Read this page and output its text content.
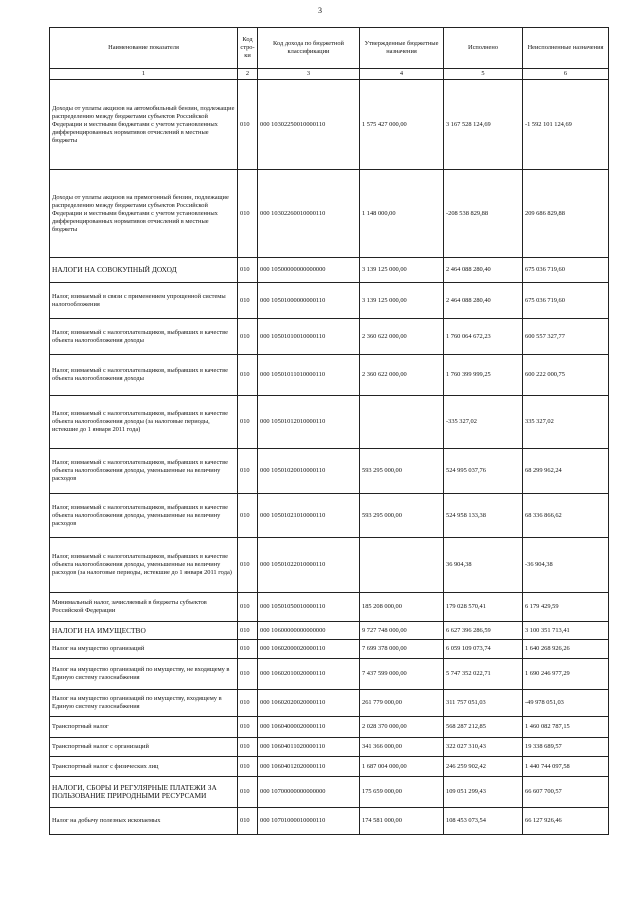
3
Наименование показателя	Код стро-ки	Код дохода по бюджетной классификации	Утвержденные бюджетные назначения	Исполнено	Неисполненные назначения
1	2	3	4	5	6
Доходы от уплаты акцизов на автомобильный бензин, подлежащие распределению между бюджетами субъектов Российской Федерации и местными бюджетами с учетом установленных дифференцированных нормативов отчислений в местные бюджеты	010	000 10302250010000110	1 575 427 000,00	3 167 528 124,69	-1 592 101 124,69
Доходы от уплаты акцизов на прямогонный бензин, подлежащие распределению между бюджетами субъектов Российской Федерации и местными бюджетами с учетом установленных дифференцированных нормативов отчислений в местные бюджеты	010	000 10302260010000110	1 148 000,00	-208 538 829,88	209 686 829,88
НАЛОГИ НА СОВОКУПНЫЙ ДОХОД	010	000 10500000000000000	3 139 125 000,00	2 464 088 280,40	675 036 719,60
Налог, взимаемый в связи с применением упрощенной системы налогообложения	010	000 10501000000000110	3 139 125 000,00	2 464 088 280,40	675 036 719,60
Налог, взимаемый с налогоплательщиков, выбравших в качестве объекта налогообложения доходы	010	000 10501010010000110	2 360 622 000,00	1 760 064 672,23	600 557 327,77
Налог, взимаемый с налогоплательщиков, выбравших в качестве объекта налогообложения доходы	010	000 10501011010000110	2 360 622 000,00	1 760 399 999,25	600 222 000,75
Налог, взимаемый с налогоплательщиков, выбравших в качестве объекта налогообложения доходы (за налоговые периоды, истекшие до 1 января 2011 года)	010	000 10501012010000110		-335 327,02	335 327,02
Налог, взимаемый с налогоплательщиков, выбравших в качестве объекта налогообложения доходы, уменьшенные на величину расходов	010	000 10501020010000110	593 295 000,00	524 995 037,76	68 299 962,24
Налог, взимаемый с налогоплательщиков, выбравших в качестве объекта налогообложения доходы, уменьшенные на величину расходов	010	000 10501021010000110	593 295 000,00	524 958 133,38	68 336 866,62
Налог, взимаемый с налогоплательщиков, выбравших в качестве объекта налогообложения доходы, уменьшенные на величину расходов (за налоговые периоды, истекшие до 1 января 2011 года)	010	000 10501022010000110		36 904,38	-36 904,38
Минимальный налог, зачисляемый в бюджеты субъектов Российской Федерации	010	000 10501050010000110	185 208 000,00	179 028 570,41	6 179 429,59
НАЛОГИ НА ИМУЩЕСТВО	010	000 10600000000000000	9 727 748 000,00	6 627 396 286,59	3 100 351 713,41
Налог на имущество организаций	010	000 10602000020000110	7 699 378 000,00	6 059 109 073,74	1 640 268 926,26
Налог на имущество организаций по имуществу, не входящему в Единую систему газоснабжения	010	000 10602010020000110	7 437 599 000,00	5 747 352 022,71	1 690 246 977,29
Налог на имущество организаций по имуществу, входящему в Единую систему газоснабжения	010	000 10602020020000110	261 779 000,00	311 757 051,03	-49 978 051,03
Транспортный налог	010	000 10604000020000110	2 028 370 000,00	568 287 212,85	1 460 082 787,15
Транспортный налог с организаций	010	000 10604011020000110	341 366 000,00	322 027 310,43	19 338 689,57
Транспортный налог с физических лиц	010	000 10604012020000110	1 687 004 000,00	246 259 902,42	1 440 744 097,58
НАЛОГИ, СБОРЫ И РЕГУЛЯРНЫЕ ПЛАТЕЖИ ЗА ПОЛЬЗОВАНИЕ ПРИРОДНЫМИ РЕСУРСАМИ	010	000 10700000000000000	175 659 000,00	109 051 299,43	66 607 700,57
Налог на добычу полезных ископаемых	010	000 10701000010000110	174 581 000,00	108 453 073,54	66 127 926,46
